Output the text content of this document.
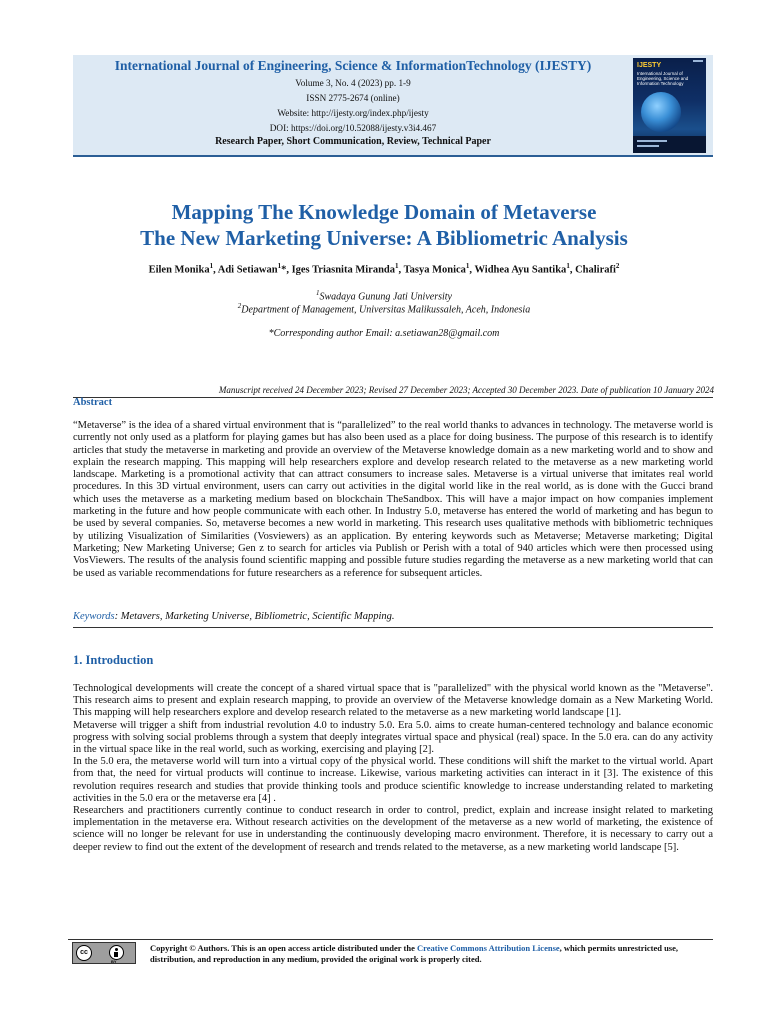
International Journal of Engineering, Science & InformationTechnology (IJESTY)
Volume 3, No. 4 (2023) pp. 1-9
ISSN 2775-2674 (online)
Website: http://ijesty.org/index.php/ijesty
DOI: https://doi.org/10.52088/ijesty.v3i4.467
Research Paper, Short Communication, Review, Technical Paper
IJESTY
International Journal of Engineering, Science and Information Technology
Mapping The Knowledge Domain of Metaverse
The New Marketing Universe: A Bibliometric Analysis
Eilen Monika$^1$, Adi Setiawan$^1$*, Iges Triasnita Miranda$^1$, Tasya Monica$^1$, Widhea Ayu Santika$^1$, Chalirafi$^2$
$^1$Swadaya Gunung Jati University
$^2$Department of Management, Universitas Malikussaleh, Aceh, Indonesia
*Corresponding author Email: a.setiawan28@gmail.com
Manuscript received 24 December 2023; Revised 27 December 2023; Accepted 30 December 2023. Date of publication 10 January 2024
Abstract
“Metaverse” is the idea of a shared virtual environment that is “parallelized” to the real world thanks to advances in technology. The metaverse world is currently not only used as a platform for playing games but has also been used as a place for doing business. The purpose of this research is to identify articles that study the metaverse in marketing and provide an overview of the Metaverse knowledge domain as a new marketing world and to show and explain the research mapping. This mapping will help researchers explore and develop research related to the metaverse as a new marketing world landscape. Marketing is a promotional activity that can attract consumers to increase sales. Metaverse is a virtual universe that imitates real world procedures. In this 3D virtual environment, users can carry out activities in the digital world like in the real world, as is done with the Gucci brand which uses the metaverse as a marketing medium based on blockchain TheSandbox. This will have a major impact on how companies implement marketing in the future and how people communicate with each other. In Industry 5.0, metaverse has entered the world of marketing and has begun to be used by several companies. So, metaverse becomes a new world in marketing. This research uses qualitative methods with bibliometric techniques by utilizing Visualization of Similarities (Vosviewers) as an application. By entering keywords such as Metaverse; Metaverse marketing; Digital Marketing; New Marketing Universe; Gen z to search for articles via Publish or Perish with a total of 940 articles which were then processed using VosViewers. The results of the analysis found scientific mapping and possible future studies regarding the metaverse as a new marketing world that can be used as variable recommendations for future researchers as a reference for subsequent articles.
Keywords: Metavers, Marketing Universe, Bibliometric, Scientific Mapping.
1. Introduction

Technological developments will create the concept of a shared virtual space that is "parallelized" with the physical world known as the "Metaverse". This research aims to present and explain research mapping, to provide an overview of the Metaverse knowledge domain as a New Marketing World. This mapping will help researchers explore and develop research related to the metaverse as a new marketing world landscape [1].

Metaverse will trigger a shift from industrial revolution 4.0 to industry 5.0. Era 5.0. aims to create human-centered technology and balance economic progress with solving social problems through a system that deeply integrates virtual space and physical (real) space. In the 5.0 era. can do any activity in the virtual space like in the real world, such as working, exercising and playing [2].

In the 5.0 era, the metaverse world will turn into a virtual copy of the physical world. These conditions will shift the market to the virtual world. Apart from that, the need for virtual products will continue to increase. Likewise, various marketing activities can interact in it [3]. The existence of this revolution requires research and studies that provide thinking tools and produce scientific knowledge to increase understanding related to marketing activities in the 5.0 era or the metaverse era [4] .

Researchers and practitioners currently continue to conduct research in order to control, predict, explain and increase insight related to marketing implementation in the metaverse era. Without research activities on the development of the metaverse as a new world of marketing, the existence of science will no longer be relevant for use in understanding the continuously developing macro environment. Therefore, it is necessary to carry out a deeper review to find out the extent of the development of research and trends related to the metaverse, as a new marketing world landscape [5].

cc
BY
Copyright © Authors. This is an open access article distributed under the Creative Commons Attribution License, which permits unrestricted use, distribution, and reproduction in any medium, provided the original work is properly cited.
